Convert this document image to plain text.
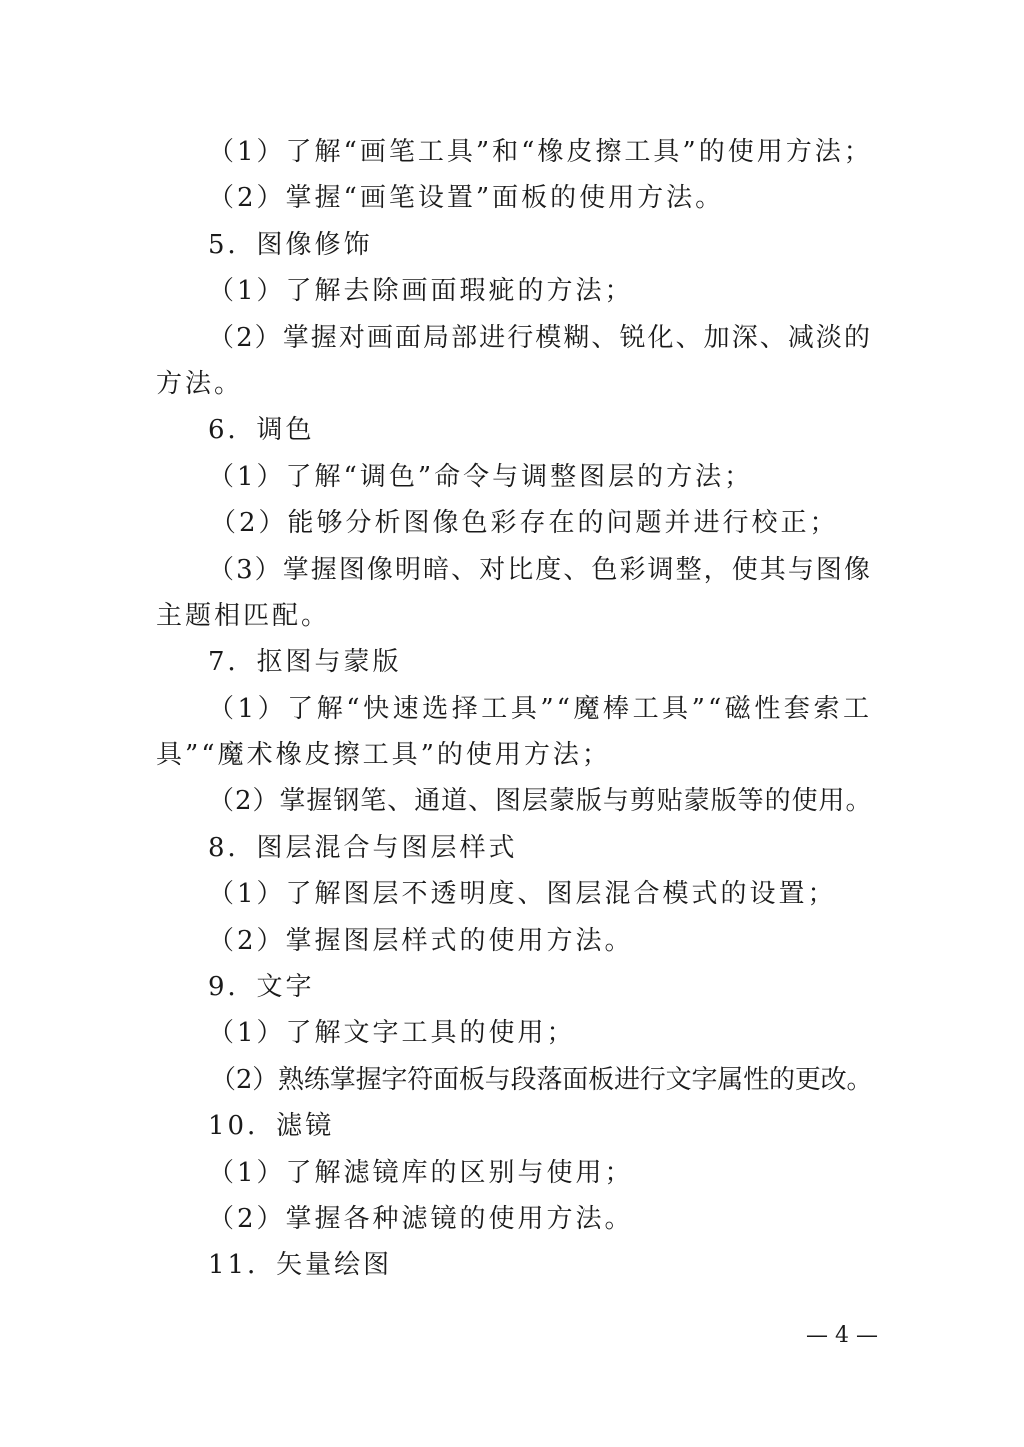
（1）了解“画笔工具”和“橡皮擦工具”的使用方法；
（2）掌握“画笔设置”面板的使用方法。
5．图像修饰
（1）了解去除画面瑕疵的方法；
（2）掌握对画面局部进行模糊、锐化、加深、减淡的
方法。
6．调色
（1）了解“调色”命令与调整图层的方法；
（2）能够分析图像色彩存在的问题并进行校正；
（3）掌握图像明暗、对比度、色彩调整，使其与图像
主题相匹配。
7．抠图与蒙版
（1）了解“快速选择工具”“魔棒工具”“磁性套索工
具”“魔术橡皮擦工具”的使用方法；
（2）掌握钢笔、通道、图层蒙版与剪贴蒙版等的使用。
8．图层混合与图层样式
（1）了解图层不透明度、图层混合模式的设置；
（2）掌握图层样式的使用方法。
9．文字
（1）了解文字工具的使用；
（2）熟练掌握字符面板与段落面板进行文字属性的更改。
10．滤镜
（1）了解滤镜库的区别与使用；
（2）掌握各种滤镜的使用方法。
11．矢量绘图
— 4 —
